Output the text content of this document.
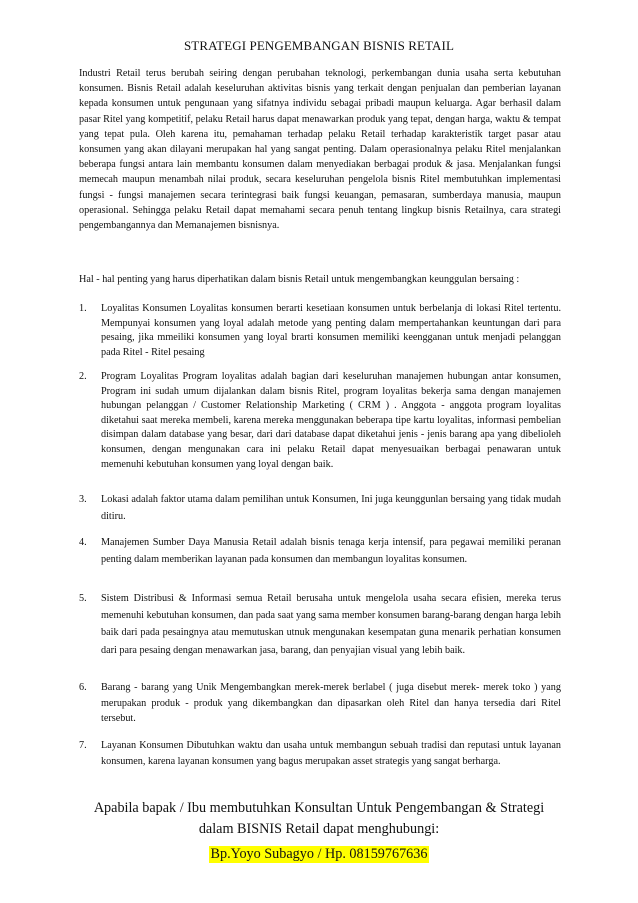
STRATEGI PENGEMBANGAN BISNIS RETAIL

Industri Retail terus berubah seiring dengan perubahan teknologi, perkembangan dunia usaha serta kebutuhan konsumen. Bisnis Retail adalah keseluruhan aktivitas bisnis yang terkait dengan penjualan dan pemberian layanan kepada konsumen untuk pengunaan yang sifatnya individu sebagai pribadi maupun keluarga. Agar berhasil dalam pasar Ritel yang kompetitif, pelaku Retail harus dapat menawarkan produk yang tepat, dengan harga, waktu & tempat yang tepat pula. Oleh karena itu, pemahaman terhadap pelaku Retail terhadap karakteristik target pasar atau konsumen yang akan dilayani merupakan hal yang sangat penting. Dalam operasionalnya pelaku Ritel menjalankan beberapa fungsi antara lain membantu konsumen dalam menyediakan berbagai produk & jasa. Menjalankan fungsi memecah maupun menambah nilai produk, secara keseluruhan pengelola bisnis Ritel membutuhkan implementasi fungsi - fungsi manajemen secara terintegrasi baik fungsi keuangan, pemasaran, sumberdaya manusia, maupun operasional. Sehingga pelaku Retail dapat memahami secara penuh tentang lingkup bisnis Retailnya, cara strategi pengembangannya dan Memanajemen bisnisnya.

Hal - hal penting yang harus diperhatikan dalam bisnis Retail untuk mengembangkan keunggulan bersaing :

1.	Loyalitas Konsumen Loyalitas konsumen berarti kesetiaan konsumen untuk berbelanja di lokasi Ritel tertentu. Mempunyai konsumen yang loyal adalah metode yang penting dalam mempertahankan keuntungan dari para pesaing, jika mmeiliki konsumen yang loyal brarti konsumen memiliki keengganan untuk menjadi pelanggan pada Ritel - Ritel pesaing
2.	Program Loyalitas Program loyalitas adalah bagian dari keseluruhan manajemen hubungan antar konsumen, Program ini sudah umum dijalankan dalam bisnis Ritel, program loyalitas bekerja sama dengan manajemen hubungan pelanggan / Customer Relationship Marketing ( CRM ) . Anggota - anggota program loyalitas diketahui saat mereka membeli, karena mereka menggunakan beberapa tipe kartu loyalitas, informasi pembelian disimpan dalam database yang besar, dari dari database dapat diketahui jenis - jenis barang apa yang dibelioleh konsumen, dengan mengunakan cara ini pelaku Retail dapat menyesuaikan berbagai penawaran untuk memenuhi kebutuhan konsumen yang loyal dengan baik.
3.	Lokasi adalah faktor utama dalam pemilihan untuk Konsumen, Ini juga keunggunlan bersaing yang tidak mudah ditiru.
4.	Manajemen Sumber Daya Manusia Retail adalah bisnis tenaga kerja intensif, para pegawai memiliki peranan penting dalam memberikan layanan pada konsumen dan membangun loyalitas konsumen.
5.	Sistem Distribusi & Informasi semua Retail berusaha untuk mengelola usaha secara efisien, mereka terus memenuhi kebutuhan konsumen, dan pada saat yang sama member konsumen barang-barang dengan harga lebih baik dari pada pesaingnya atau memutuskan utnuk mengunakan kesempatan guna menarik perhatian konsumen dari para pesaing dengan menawarkan jasa, barang, dan penyajian visual yang lebih baik.
6.	Barang - barang yang Unik Mengembangkan merek-merek berlabel ( juga disebut merek- merek toko ) yang merupakan produk - produk yang dikembangkan dan dipasarkan oleh Ritel dan hanya tersedia dari Ritel tersebut.
7.	Layanan Konsumen Dibutuhkan waktu dan usaha untuk membangun sebuah tradisi dan reputasi untuk layanan konsumen, karena layanan konsumen yang bagus merupakan asset strategis yang sangat berharga.
Apabila bapak / Ibu membutuhkan Konsultan Untuk Pengembangan & Strategi
dalam BISNIS Retail dapat menghubungi:
Bp.Yoyo Subagyo / Hp. 08159767636
